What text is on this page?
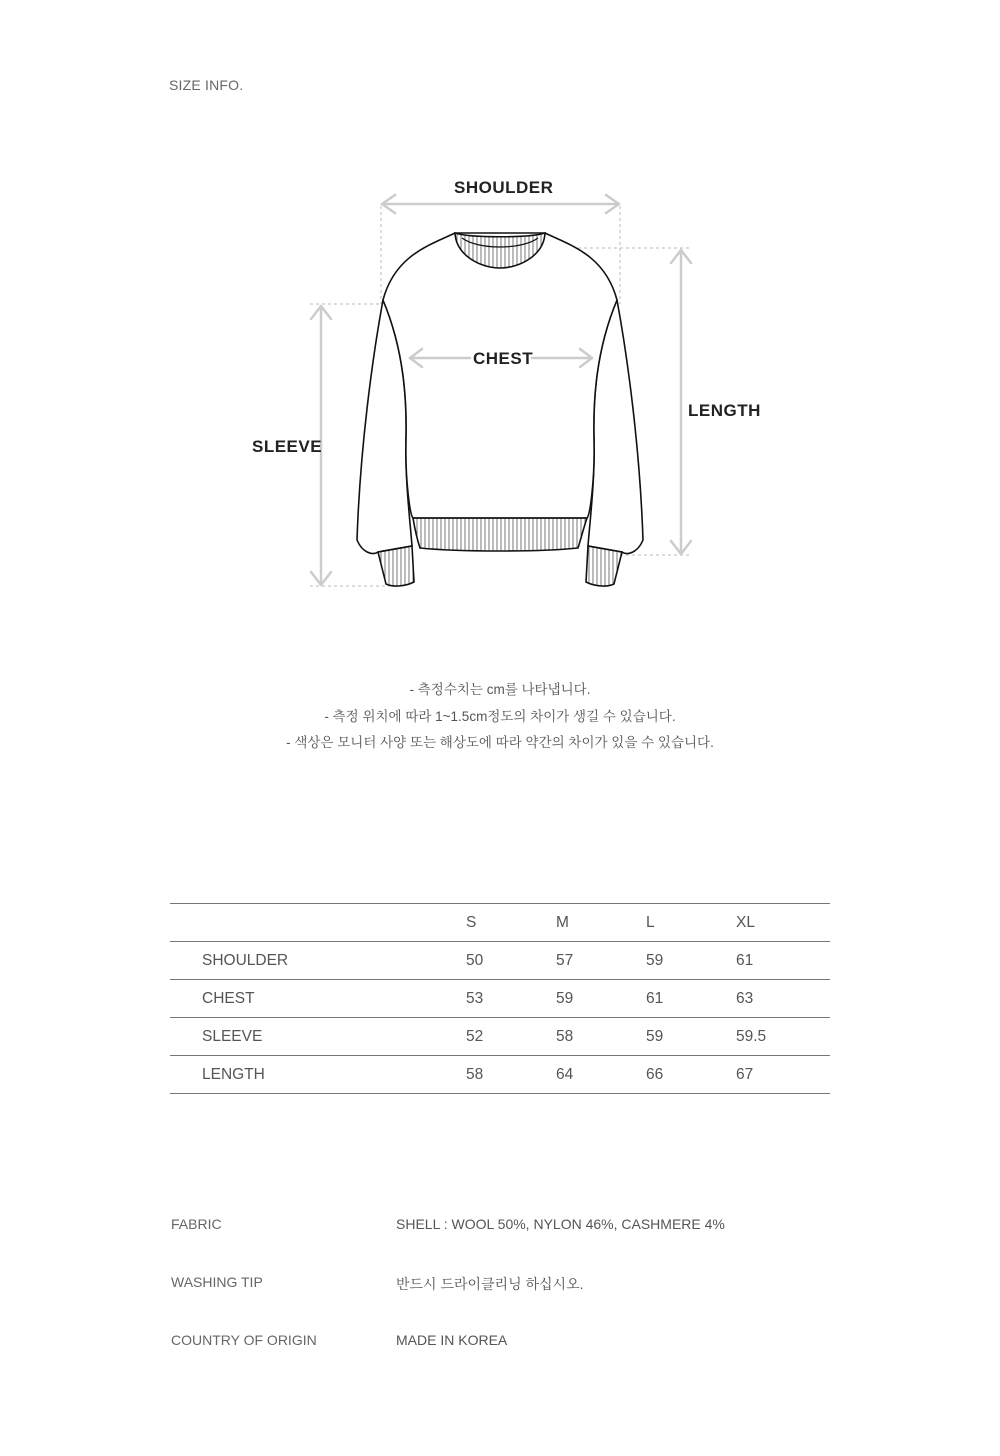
SIZE INFO.
SHOULDER
CHEST
LENGTH
SLEEVE
- 측정수치는 cm를 나타냅니다.
- 측정 위치에 따라 1~1.5cm정도의 차이가 생길 수 있습니다.
- 색상은 모니터 사양 또는 해상도에 따라 약간의 차이가 있을 수 있습니다.
	S	M	L	XL
SHOULDER	50	57	59	61
CHEST	53	59	61	63
SLEEVE	52	58	59	59.5
LENGTH	58	64	66	67
FABRIC	SHELL : WOOL 50%, NYLON 46%, CASHMERE 4%
WASHING TIP	반드시 드라이클리닝 하십시오.
COUNTRY OF ORIGIN	MADE IN KOREA
